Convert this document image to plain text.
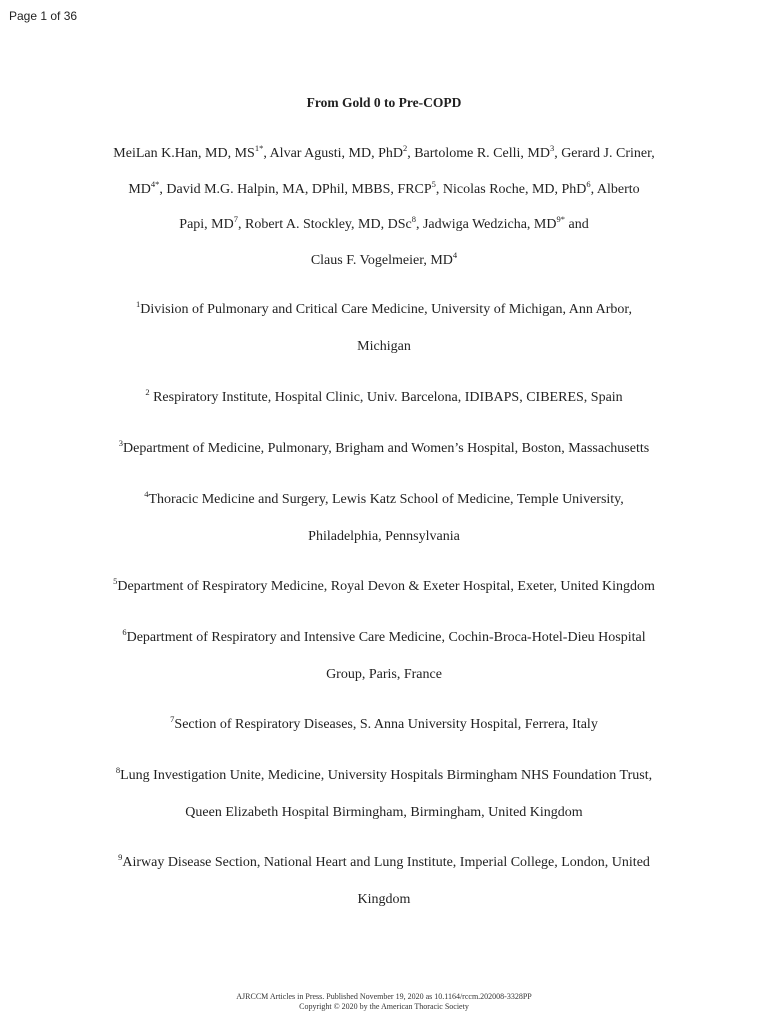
Page 1 of 36
From Gold 0 to Pre-COPD
MeiLan K.Han, MD, $MS^{1*}$, Alvar Agusti, MD, PhD$^2$, Bartolome R. Celli, $MD^3$, Gerard J. Criner,
$MD^{4*}$, David M.G. Halpin, MA, DPhil, MBBS, FRCP$^5$, Nicolas Roche, MD, PhD$^6$, Alberto
Papi, $MD^7$, Robert A. Stockley, MD, DSc$^8$, Jadwiga Wedzicha, $MD^{9*}$ and
Claus F. Vogelmeier, $MD^4$
$^1$Division of Pulmonary and Critical Care Medicine, University of Michigan, Ann Arbor,
Michigan
$^2$ Respiratory Institute, Hospital Clinic, Univ. Barcelona, IDIBAPS, CIBERES, Spain
$^3$Department of Medicine, Pulmonary, Brigham and Women’s Hospital, Boston, Massachusetts
$^4$Thoracic Medicine and Surgery, Lewis Katz School of Medicine, Temple University,
Philadelphia, Pennsylvania
$^5$Department of Respiratory Medicine, Royal Devon & Exeter Hospital, Exeter, United Kingdom
$^6$Department of Respiratory and Intensive Care Medicine, Cochin-Broca-Hotel-Dieu Hospital
Group, Paris, France
$^7$Section of Respiratory Diseases, S. Anna University Hospital, Ferrera, Italy
$^8$Lung Investigation Unite, Medicine, University Hospitals Birmingham NHS Foundation Trust,
Queen Elizabeth Hospital Birmingham, Birmingham, United Kingdom
$^9$Airway Disease Section, National Heart and Lung Institute, Imperial College, London, United
Kingdom
AJRCCM Articles in Press. Published November 19, 2020 as 10.1164/rccm.202008-3328PP
Copyright © 2020 by the American Thoracic Society
